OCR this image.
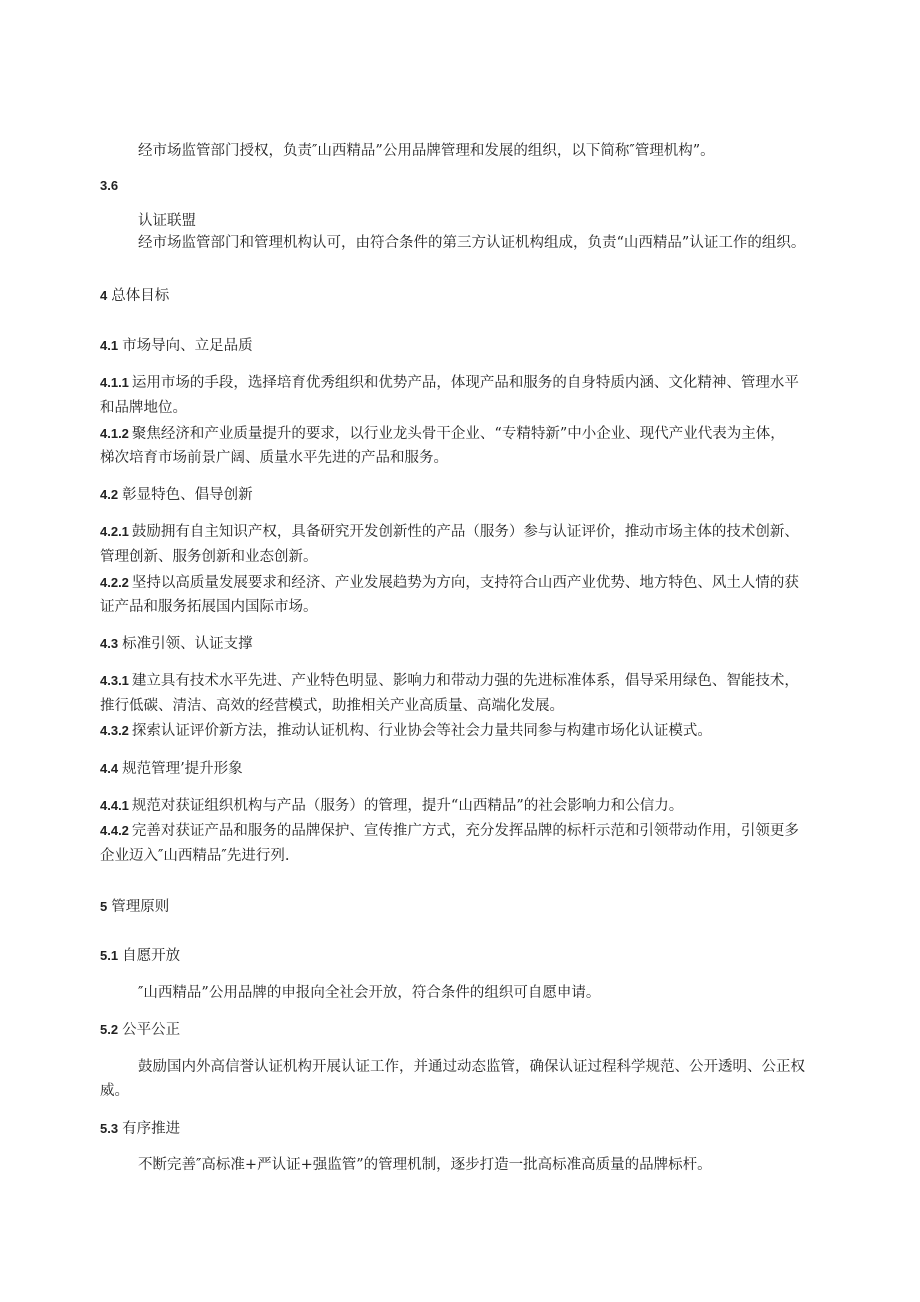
经市场监管部门授权，负责″山西精品”公用品牌管理和发展的组织，以下简称″管理机构”。
3.6
认证联盟
经市场监管部门和管理机构认可，由符合条件的第三方认证机构组成，负责“山西精品”认证工作的组织。
4 总体目标
4.1 市场导向、立足品质
4.1.1 运用市场的手段，选择培育优秀组织和优势产品，体现产品和服务的自身特质内涵、文化精神、管理水平
和品牌地位。
4.1.2 聚焦经济和产业质量提升的要求，以行业龙头骨干企业、“专精特新”中小企业、现代产业代表为主体，
梯次培育市场前景广阔、质量水平先进的产品和服务。
4.2 彰显特色、倡导创新
4.2.1 鼓励拥有自主知识产权，具备研究开发创新性的产品（服务）参与认证评价，推动市场主体的技术创新、
管理创新、服务创新和业态创新。
4.2.2 坚持以高质量发展要求和经济、产业发展趋势为方向，支持符合山西产业优势、地方特色、风土人情的获
证产品和服务拓展国内国际市场。
4.3 标准引领、认证支撑
4.3.1 建立具有技术水平先进、产业特色明显、影响力和带动力强的先进标准体系，倡导采用绿色、智能技术，
推行低碳、清洁、高效的经营模式，助推相关产业高质量、高端化发展。
4.3.2 探索认证评价新方法，推动认证机构、行业协会等社会力量共同参与构建市场化认证模式。
4.4 规范管理’提升形象
4.4.1 规范对获证组织机构与产品（服务）的管理，提升“山西精品”的社会影响力和公信力。
4.4.2 完善对获证产品和服务的品牌保护、宣传推广方式，充分发挥品牌的标杆示范和引领带动作用，引领更多
企业迈入″山西精品″先进行列.
5 管理原则
5.1 自愿开放
″山西精品”公用品牌的申报向全社会开放，符合条件的组织可自愿申请。
5.2 公平公正
鼓励国内外高信誉认证机构开展认证工作，并通过动态监管，确保认证过程科学规范、公开透明、公正权
威。
5.3 有序推进
不断完善″高标准+严认证+强监管”的管理机制，逐步打造一批高标准高质量的品牌标杆。
